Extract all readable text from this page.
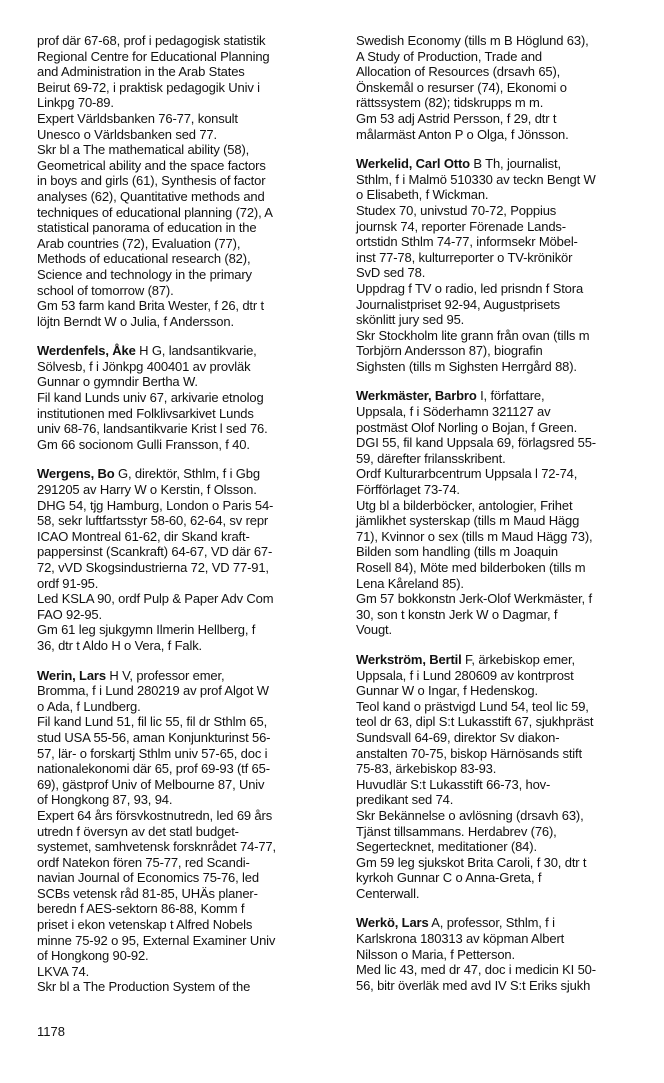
prof där 67-68, prof i pedagogisk statistik
Regional Centre for Educational Planning
and Administration in the Arab States
Beirut 69-72, i praktisk pedagogik Univ i
Linkpg 70-89.
Expert Världsbanken 76-77, konsult
Unesco o Världsbanken sed 77.
Skr bl a The mathematical ability (58),
Geometrical ability and the space factors
in boys and girls (61), Synthesis of factor
analyses (62), Quantitative methods and
techniques of educational planning (72), A
statistical panorama of education in the
Arab countries (72), Evaluation (77),
Methods of educational research (82),
Science and technology in the primary
school of tomorrow (87).
Gm 53 farm kand Brita Wester, f 26, dtr t
löjtn Berndt W o Julia, f Andersson.
Werdenfels, Åke H G, landsantikvarie,
Sölvesb, f i Jönkpg 400401 av provläk
Gunnar o gymndir Bertha W.
Fil kand Lunds univ 67, arkivarie etnolog
institutionen med Folklivsarkivet Lunds
univ 68-76, landsantikvarie Krist l sed 76.
Gm 66 socionom Gulli Fransson, f 40.
Wergens, Bo G, direktör, Sthlm, f i Gbg
291205 av Harry W o Kerstin, f Olsson.
DHG 54, tjg Hamburg, London o Paris 54-
58, sekr luftfartsstyr 58-60, 62-64, sv repr
ICAO Montreal 61-62, dir Skand kraft-
pappersinst (Scankraft) 64-67, VD där 67-
72, vVD Skogsindustrierna 72, VD 77-91,
ordf 91-95.
Led KSLA 90, ordf Pulp & Paper Adv Com
FAO 92-95.
Gm 61 leg sjukgymn Ilmerin Hellberg, f
36, dtr t Aldo H o Vera, f Falk.
Werin, Lars H V, professor emer,
Bromma, f i Lund 280219 av prof Algot W
o Ada, f Lundberg.
Fil kand Lund 51, fil lic 55, fil dr Sthlm 65,
stud USA 55-56, aman Konjunkturinst 56-
57, lär- o forskartj Sthlm univ 57-65, doc i
nationalekonomi där 65, prof 69-93 (tf 65-
69), gästprof Univ of Melbourne 87, Univ
of Hongkong 87, 93, 94.
Expert 64 års försvkostnutredn, led 69 års
utredn f översyn av det statl budget-
systemet, samhvetensk forsknrådet 74-77,
ordf Natekon fören 75-77, red Scandi-
navian Journal of Economics 75-76, led
SCBs vetensk råd 81-85, UHÄs planer-
beredn f AES-sektorn 86-88, Komm f
priset i ekon vetenskap t Alfred Nobels
minne 75-92 o 95, External Examiner Univ
of Hongkong 90-92.
LKVA 74.
Skr bl a The Production System of the
Swedish Economy (tills m B Höglund 63),
A Study of Production, Trade and
Allocation of Resources (drsavh 65),
Önskemål o resurser (74), Ekonomi o
rättssystem (82); tidskrupps m m.
Gm 53 adj Astrid Persson, f 29, dtr t
målarmäst Anton P o Olga, f Jönsson.
Werkelid, Carl Otto B Th, journalist,
Sthlm, f i Malmö 510330 av teckn Bengt W
o Elisabeth, f Wickman.
Studex 70, univstud 70-72, Poppius
journsk 74, reporter Förenade Lands-
ortstidn Sthlm 74-77, informsekr Möbel-
inst 77-78, kulturreporter o TV-krönikör
SvD sed 78.
Uppdrag f TV o radio, led prisndn f Stora
Journalistpriset 92-94, Augustprisets
skönlitt jury sed 95.
Skr Stockholm lite grann från ovan (tills m
Torbjörn Andersson 87), biografin
Sighsten (tills m Sighsten Herrgård 88).
Werkmäster, Barbro I, författare,
Uppsala, f i Söderhamn 321127 av
postmäst Olof Norling o Bojan, f Green.
DGI 55, fil kand Uppsala 69, förlagsred 55-
59, därefter frilansskribent.
Ordf Kulturarbcentrum Uppsala l 72-74,
Förfförlaget 73-74.
Utg bl a bilderböcker, antologier, Frihet
jämlikhet systerskap (tills m Maud Hägg
71), Kvinnor o sex (tills m Maud Hägg 73),
Bilden som handling (tills m Joaquin
Rosell 84), Möte med bilderboken (tills m
Lena Kåreland 85).
Gm 57 bokkonstn Jerk-Olof Werkmäster, f
30, son t konstn Jerk W o Dagmar, f
Vougt.
Werkström, Bertil F, ärkebiskop emer,
Uppsala, f i Lund 280609 av kontrprost
Gunnar W o Ingar, f Hedenskog.
Teol kand o prästvigd Lund 54, teol lic 59,
teol dr 63, dipl S:t Lukasstift 67, sjukhpräst
Sundsvall 64-69, direktor Sv diakon-
anstalten 70-75, biskop Härnösands stift
75-83, ärkebiskop 83-93.
Huvudlär S:t Lukasstift 66-73, hov-
predikant sed 74.
Skr Bekännelse o avlösning (drsavh 63),
Tjänst tillsammans. Herdabrev (76),
Segertecknet, meditationer (84).
Gm 59 leg sjukskot Brita Caroli, f 30, dtr t
kyrkoh Gunnar C o Anna-Greta, f
Centerwall.
Werkö, Lars A, professor, Sthlm, f i
Karlskrona 180313 av köpman Albert
Nilsson o Maria, f Petterson.
Med lic 43, med dr 47, doc i medicin KI 50-
56, bitr överläk med avd IV S:t Eriks sjukh
1178
